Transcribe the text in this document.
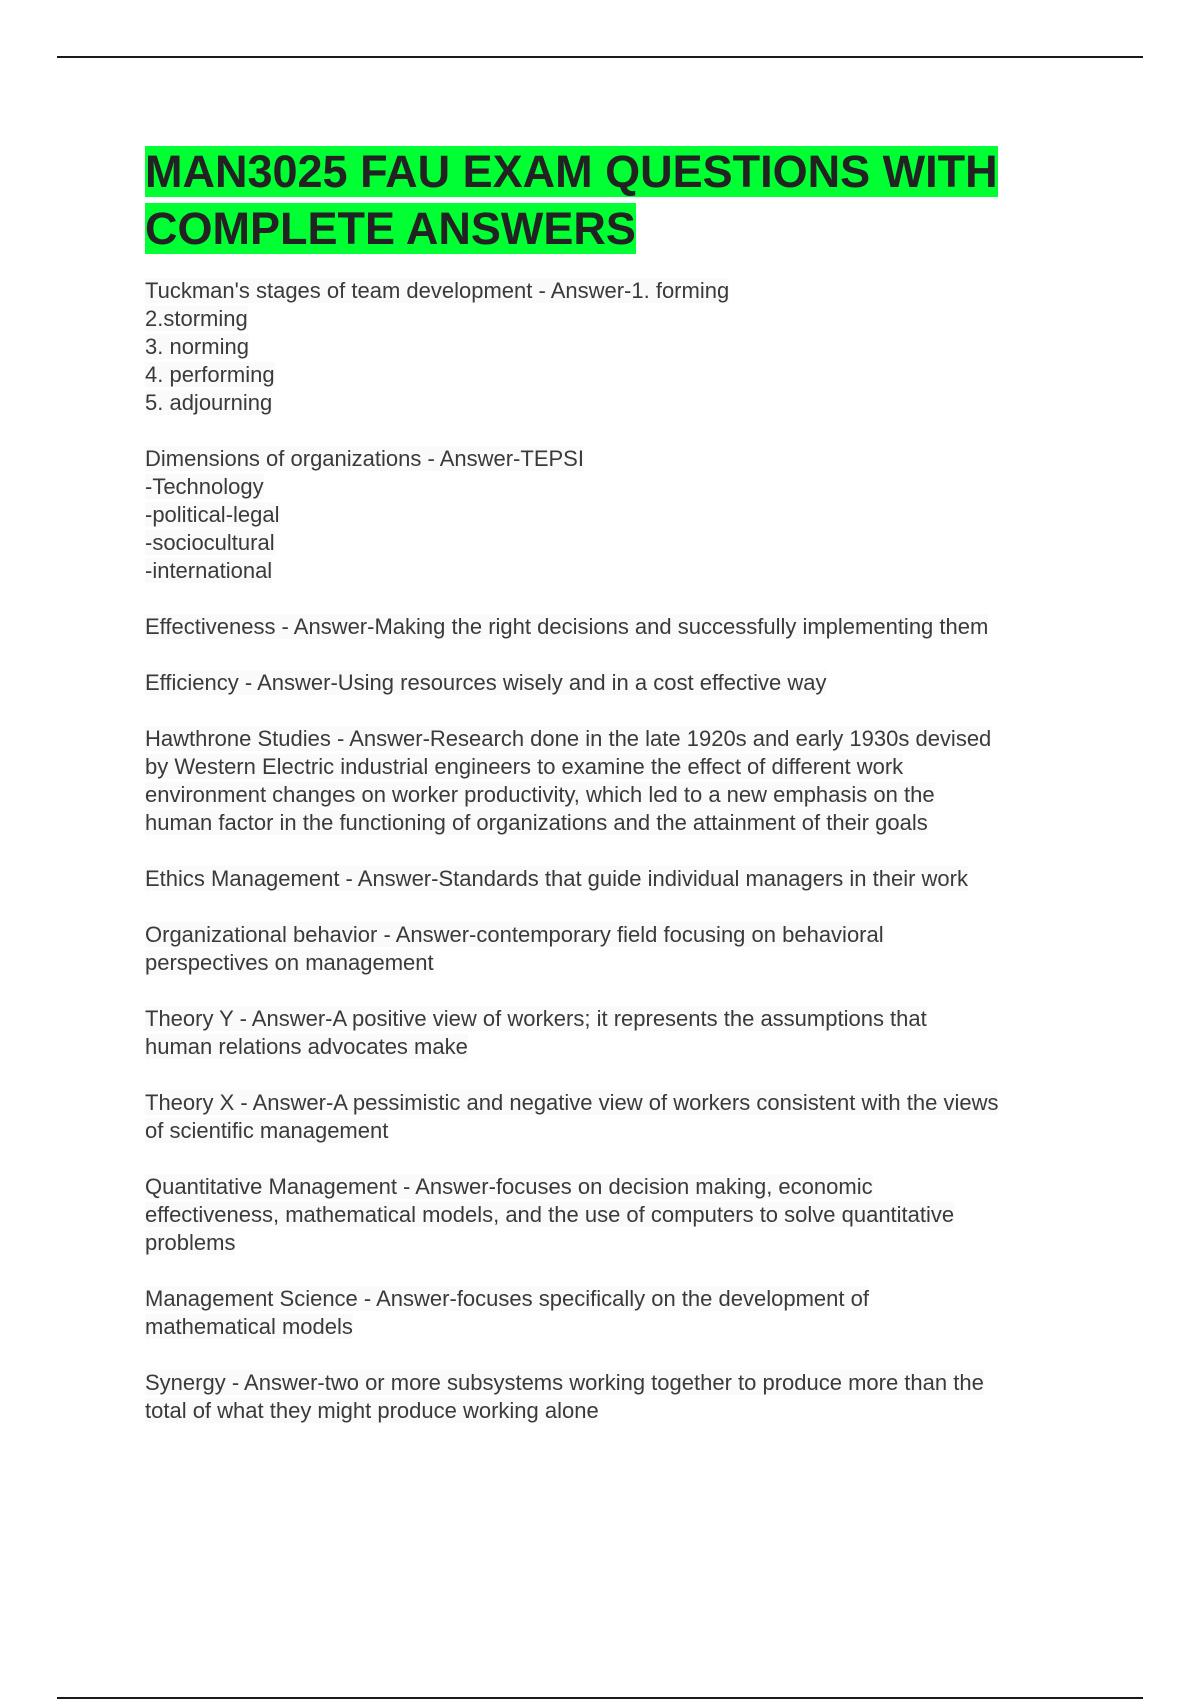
MAN3025 FAU EXAM QUESTIONS WITH
COMPLETE ANSWERS
Tuckman's stages of team development - Answer-1. forming
2.storming
3. norming
4. performing
5. adjourning
Dimensions of organizations - Answer-TEPSI
-Technology
-political-legal
-sociocultural
-international
Effectiveness - Answer-Making the right decisions and successfully implementing them
Efficiency - Answer-Using resources wisely and in a cost effective way
Hawthrone Studies - Answer-Research done in the late 1920s and early 1930s devised
by Western Electric industrial engineers to examine the effect of different work
environment changes on worker productivity, which led to a new emphasis on the
human factor in the functioning of organizations and the attainment of their goals
Ethics Management - Answer-Standards that guide individual managers in their work
Organizational behavior - Answer-contemporary field focusing on behavioral
perspectives on management
Theory Y - Answer-A positive view of workers; it represents the assumptions that
human relations advocates make
Theory X - Answer-A pessimistic and negative view of workers consistent with the views
of scientific management
Quantitative Management - Answer-focuses on decision making, economic
effectiveness, mathematical models, and the use of computers to solve quantitative
problems
Management Science - Answer-focuses specifically on the development of
mathematical models
Synergy - Answer-two or more subsystems working together to produce more than the
total of what they might produce working alone
